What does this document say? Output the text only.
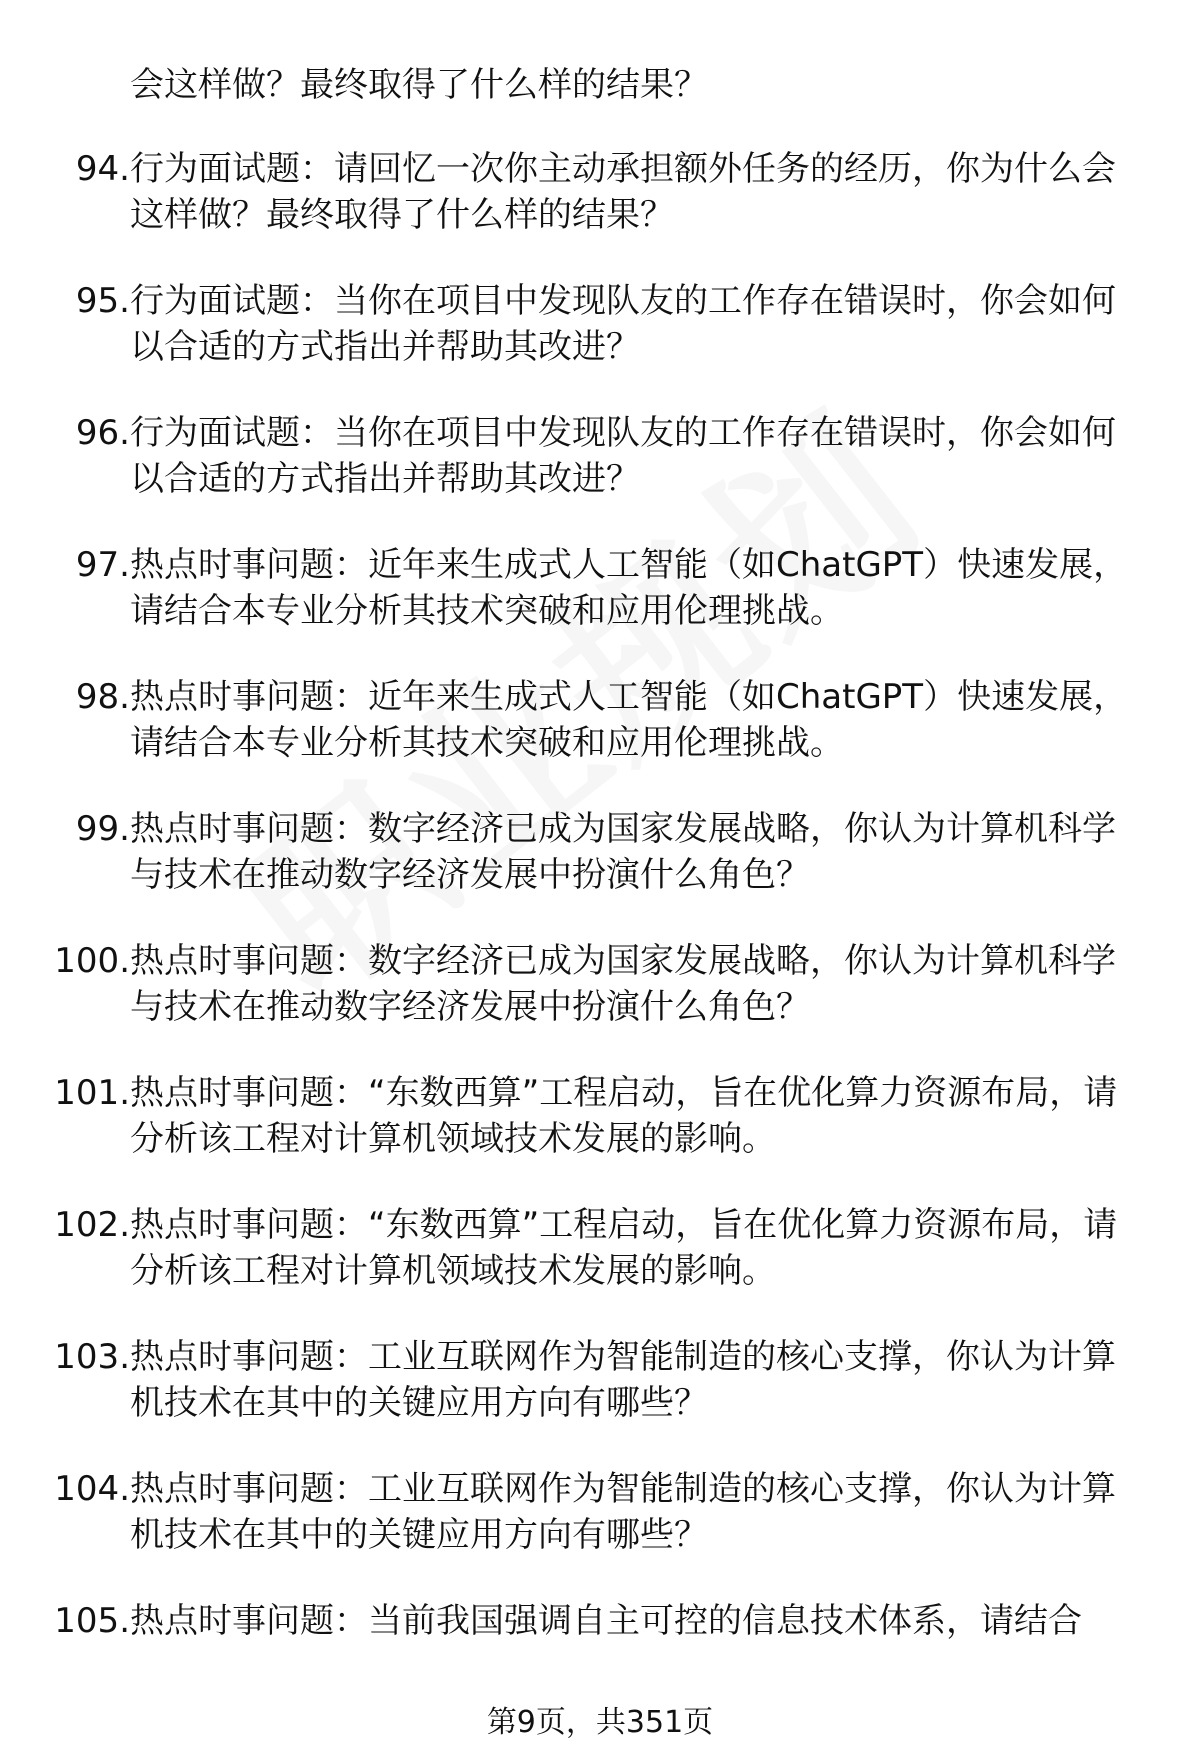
会这样做？最终取得了什么样的结果？
94. 行为面试题：请回忆一次你主动承担额外任务的经历，你为什么会这样做？最终取得了什么样的结果？
95. 行为面试题：当你在项目中发现队友的工作存在错误时，你会如何以合适的方式指出并帮助其改进？
96. 行为面试题：当你在项目中发现队友的工作存在错误时，你会如何以合适的方式指出并帮助其改进？
97. 热点时事问题：近年来生成式人工智能（如ChatGPT）快速发展，请结合本专业分析其技术突破和应用伦理挑战。
98. 热点时事问题：近年来生成式人工智能（如ChatGPT）快速发展，请结合本专业分析其技术突破和应用伦理挑战。
99. 热点时事问题：数字经济已成为国家发展战略，你认为计算机科学与技术在推动数字经济发展中扮演什么角色？
100. 热点时事问题：数字经济已成为国家发展战略，你认为计算机科学与技术在推动数字经济发展中扮演什么角色？
101. 热点时事问题：“东数西算”工程启动，旨在优化算力资源布局，请分析该工程对计算机领域技术发展的影响。
102. 热点时事问题：“东数西算”工程启动，旨在优化算力资源布局，请分析该工程对计算机领域技术发展的影响。
103. 热点时事问题：工业互联网作为智能制造的核心支撑，你认为计算机技术在其中的关键应用方向有哪些？
104. 热点时事问题：工业互联网作为智能制造的核心支撑，你认为计算机技术在其中的关键应用方向有哪些？
105. 热点时事问题：当前我国强调自主可控的信息技术体系，请结合
第9页，共351页
